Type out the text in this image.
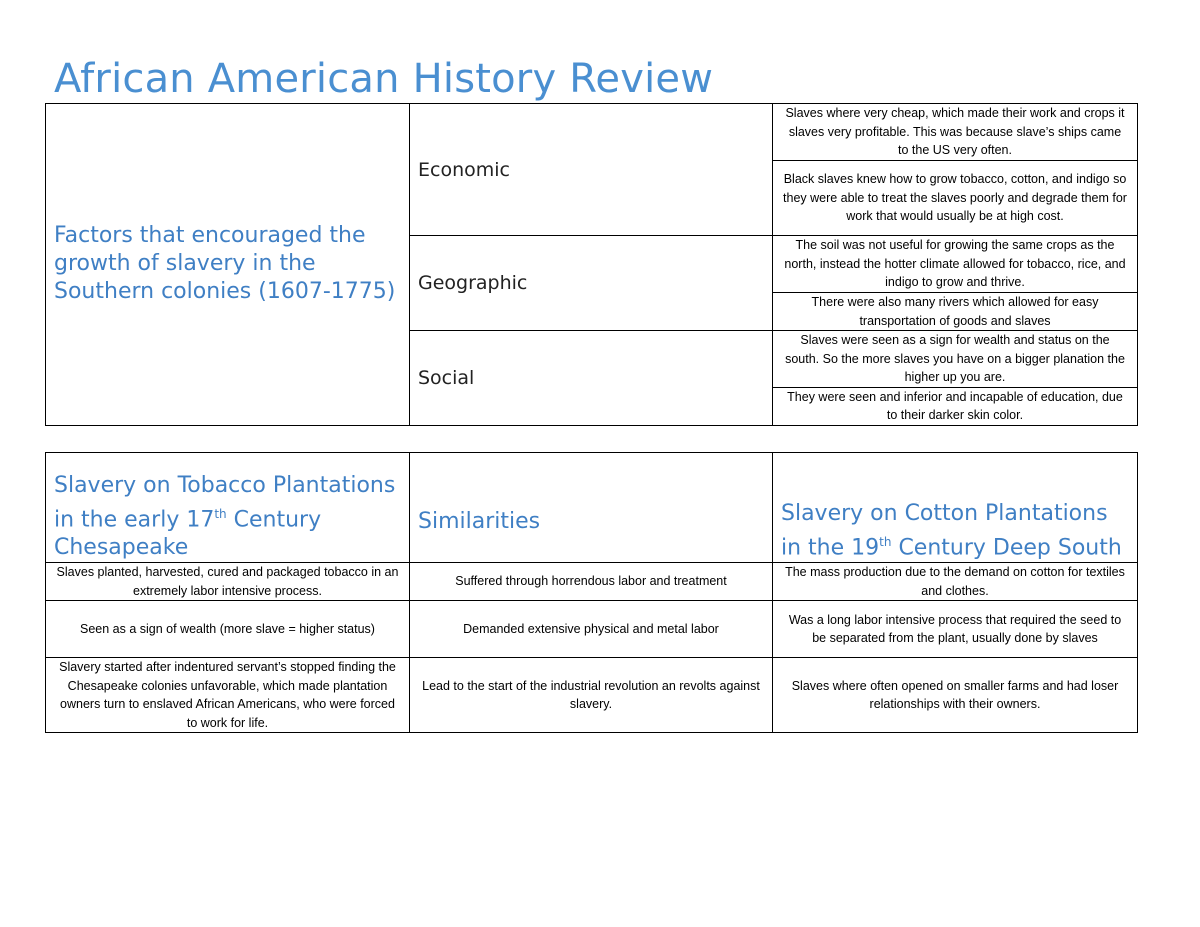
African American History Review
Factors that encouraged the growth of slavery in the Southern colonies (1607-1775)	Economic	Slaves where very cheap, which made their work and crops it slaves very profitable. This was because slave’s ships came to the US very often.
		Black slaves knew how to grow tobacco, cotton, and indigo so they were able to treat the slaves poorly and degrade them for work that would usually be at high cost.
	Geographic	The soil was not useful for growing the same crops as the north, instead the hotter climate allowed for tobacco, rice, and indigo to grow and thrive.
		There were also many rivers which allowed for easy transportation of goods and slaves
	Social	Slaves were seen as a sign for wealth and status on the south. So the more slaves you have on a bigger planation the higher up you are.
		They were seen and inferior and incapable of education, due to their darker skin color.
Slavery on Tobacco Plantations in the early 17th Century Chesapeake	Similarities	Slavery on Cotton Plantations in the 19th Century Deep South
Slaves planted, harvested, cured and packaged tobacco in an extremely labor intensive process.	Suffered through horrendous labor and treatment	The mass production due to the demand on cotton for textiles and clothes.
Seen as a sign of wealth (more slave = higher status)	Demanded extensive physical and metal labor	Was a long labor intensive process that required the seed to be separated from the plant, usually done by slaves
Slavery started after indentured servant’s stopped finding the Chesapeake colonies unfavorable, which made plantation owners turn to enslaved African Americans, who were forced to work for life.	Lead to the start of the industrial revolution an revolts against slavery.	Slaves where often opened on smaller farms and had loser relationships with their owners.
